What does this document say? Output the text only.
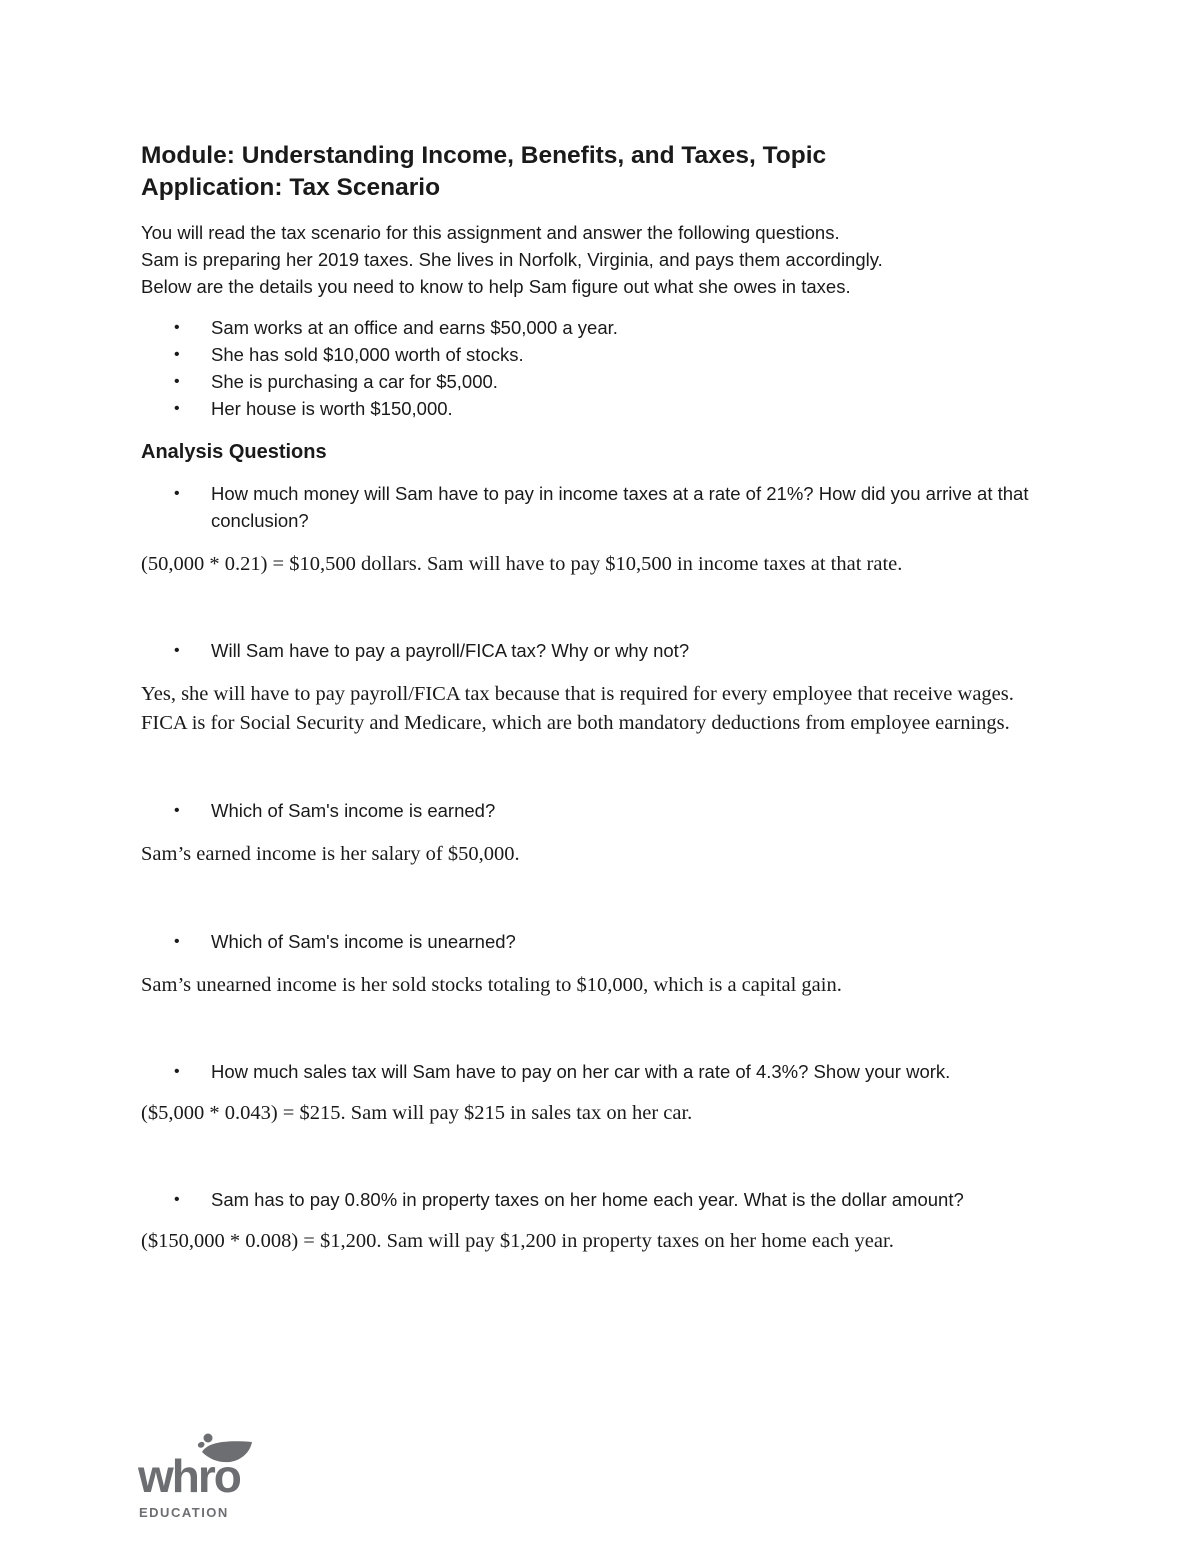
Module: Understanding Income, Benefits, and Taxes, Topic
Application: Tax Scenario

You will read the tax scenario for this assignment and answer the following questions.

Sam is preparing her 2019 taxes. She lives in Norfolk, Virginia, and pays them accordingly.

Below are the details you need to know to help Sam figure out what she owes in taxes.

• Sam works at an office and earns $50,000 a year.
• She has sold $10,000 worth of stocks.
• She is purchasing a car for $5,000.
• Her house is worth $150,000.
Analysis Questions
• How much money will Sam have to pay in income taxes at a rate of 21%? How did you arrive at that conclusion?
(50,000 * 0.21) = $10,500 dollars. Sam will have to pay $10,500 in income taxes at that rate.
• Will Sam have to pay a payroll/FICA tax? Why or why not?
Yes, she will have to pay payroll/FICA tax because that is required for every employee that receive wages. FICA is for Social Security and Medicare, which are both mandatory deductions from employee earnings.
• Which of Sam's income is earned?
Sam’s earned income is her salary of $50,000.
• Which of Sam's income is unearned?
Sam’s unearned income is her sold stocks totaling to $10,000, which is a capital gain.
• How much sales tax will Sam have to pay on her car with a rate of 4.3%? Show your work.
($5,000 * 0.043) = $215. Sam will pay $215 in sales tax on her car.
• Sam has to pay 0.80% in property taxes on her home each year. What is the dollar amount?
($150,000 * 0.008) = $1,200. Sam will pay $1,200 in property taxes on her home each year.
whro
EDUCATION
